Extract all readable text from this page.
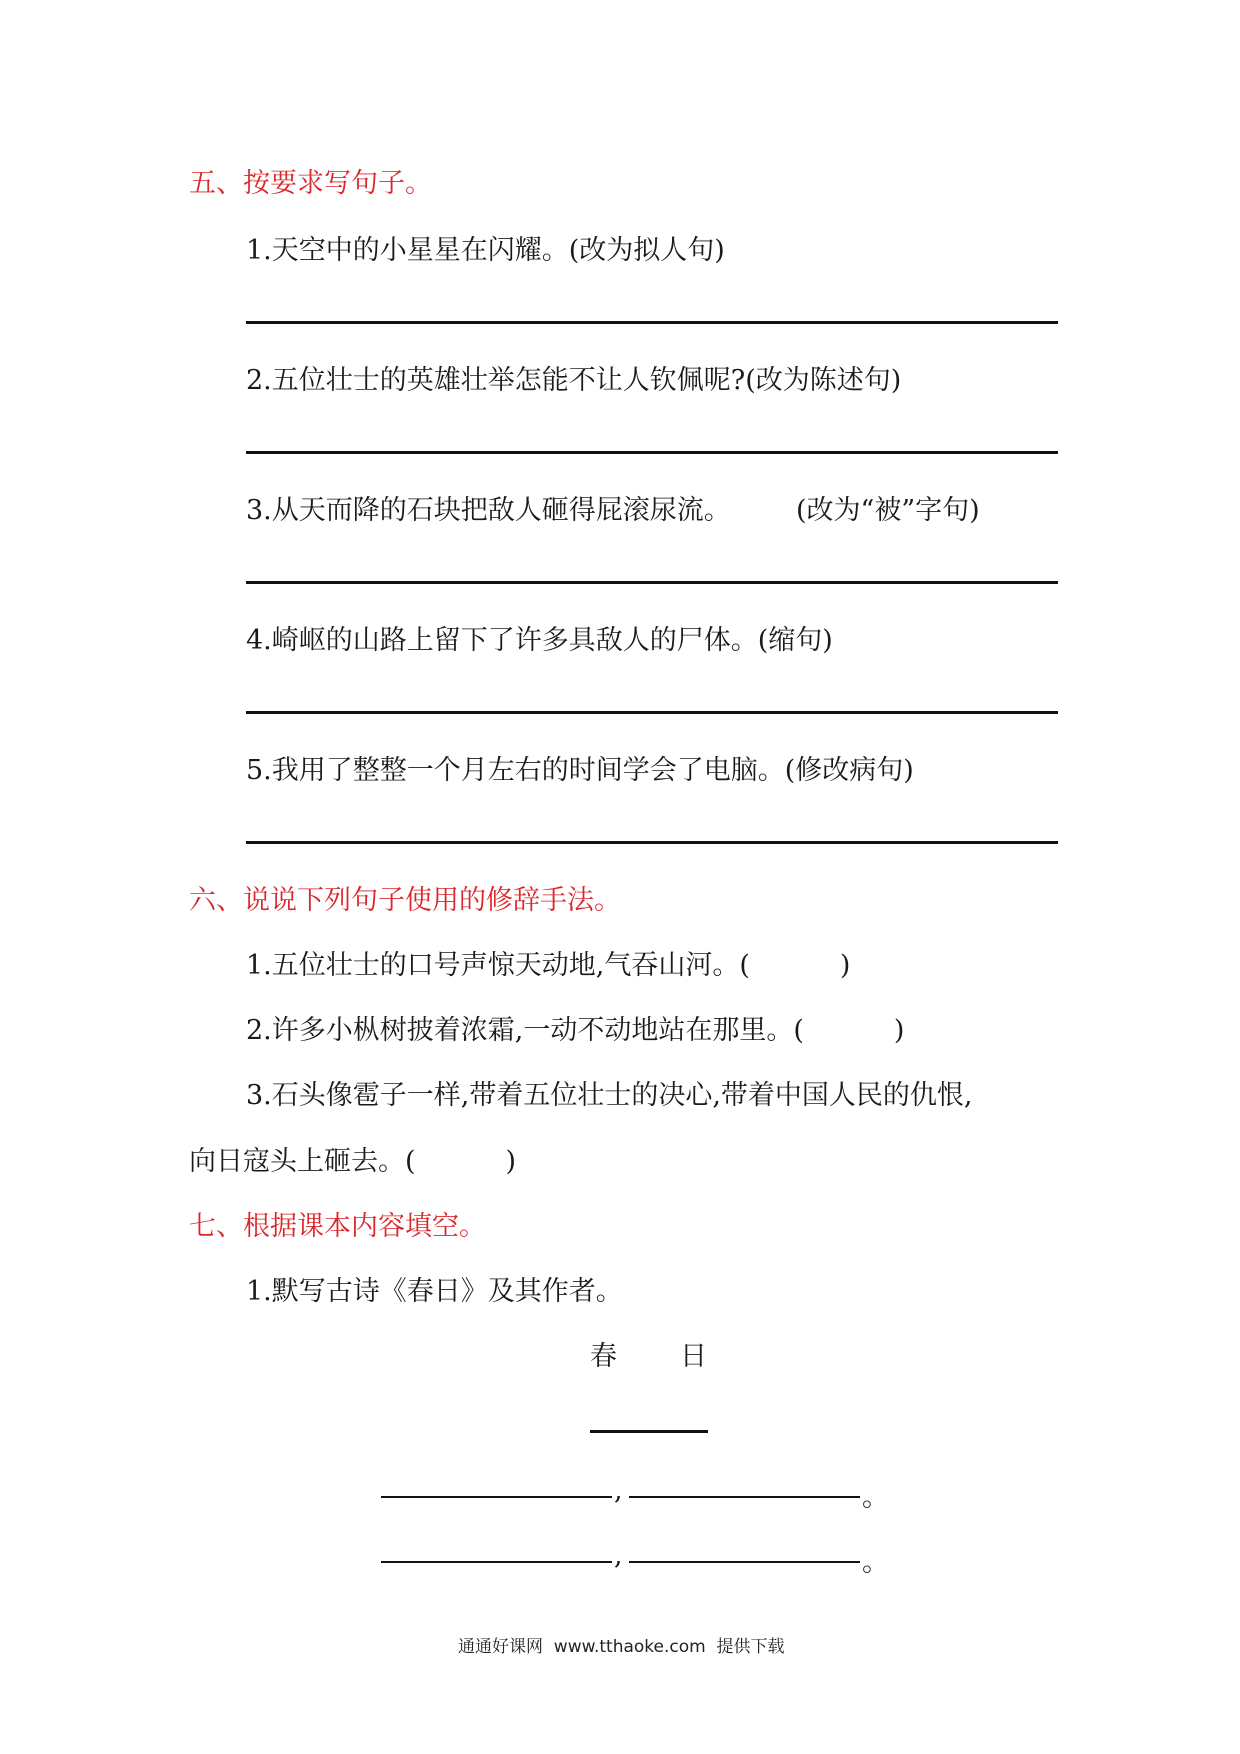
五、按要求写句子。
1.天空中的小星星在闪耀。(改为拟人句)
2.五位壮士的英雄壮举怎能不让人钦佩呢?(改为陈述句)
3.从天而降的石块把敌人砸得屁滚尿流。 (改为“被”字句)
4.崎岖的山路上留下了许多具敌人的尸体。(缩句)
5.我用了整整一个月左右的时间学会了电脑。(修改病句)
六、说说下列句子使用的修辞手法。
1.五位壮士的口号声惊天动地,气吞山河。(	)
2.许多小枞树披着浓霜,一动不动地站在那里。(	)
3.石头像雹子一样,带着五位壮士的决心,带着中国人民的仇恨,
向日寇头上砸去。(	)
七、根据课本内容填空。
1.默写古诗《春日》及其作者。
春 日
,	。
,	。
通通好课网  www.tthaoke.com  提供下载
